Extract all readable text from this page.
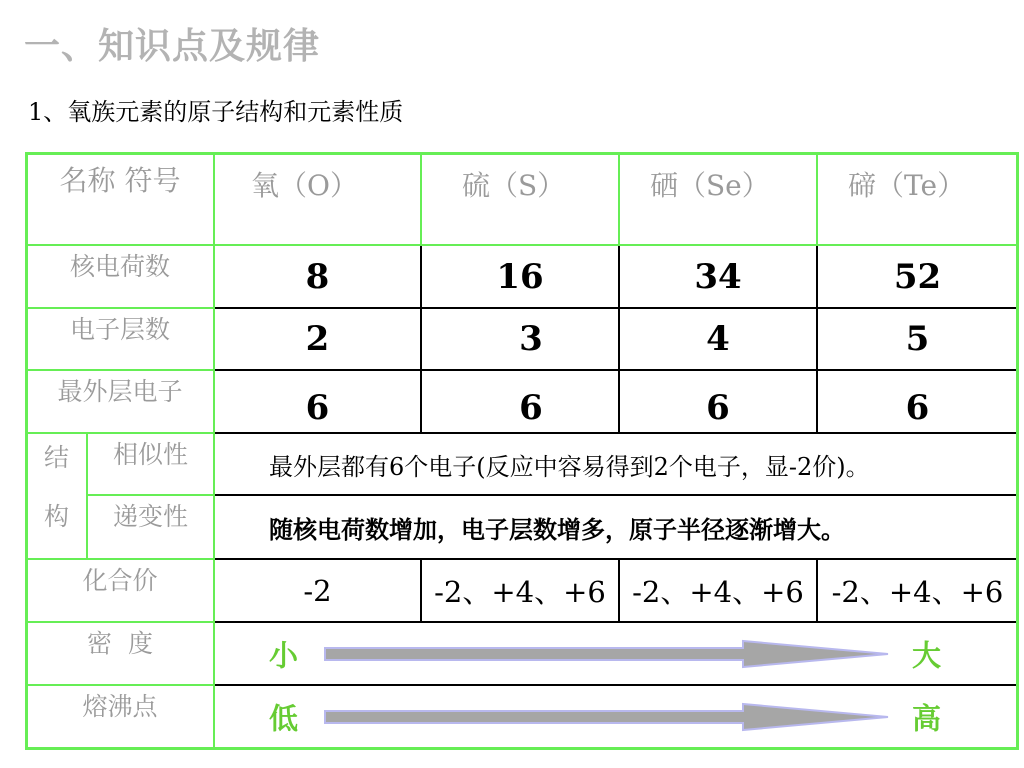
一、知识点及规律
1、氧族元素的原子结构和元素性质
名称 符号		氧（O）	硫（S）	硒（Se）	碲（Te）
核电荷数		8	16	34	52
电子层数		2	3	4	5
最外层电子		6	6	6	6

结
构	相似性	最外层都有6个电子(反应中容易得到2个电子，显-2价)。			
	递变性	随核电荷数增加，电子层数增多，原子半径逐渐增大。			
化合价		-2	-2、+4、+6	-2、+4、+6	-2、+4、+6
密  度		小 大			

熔沸点		低 高			
